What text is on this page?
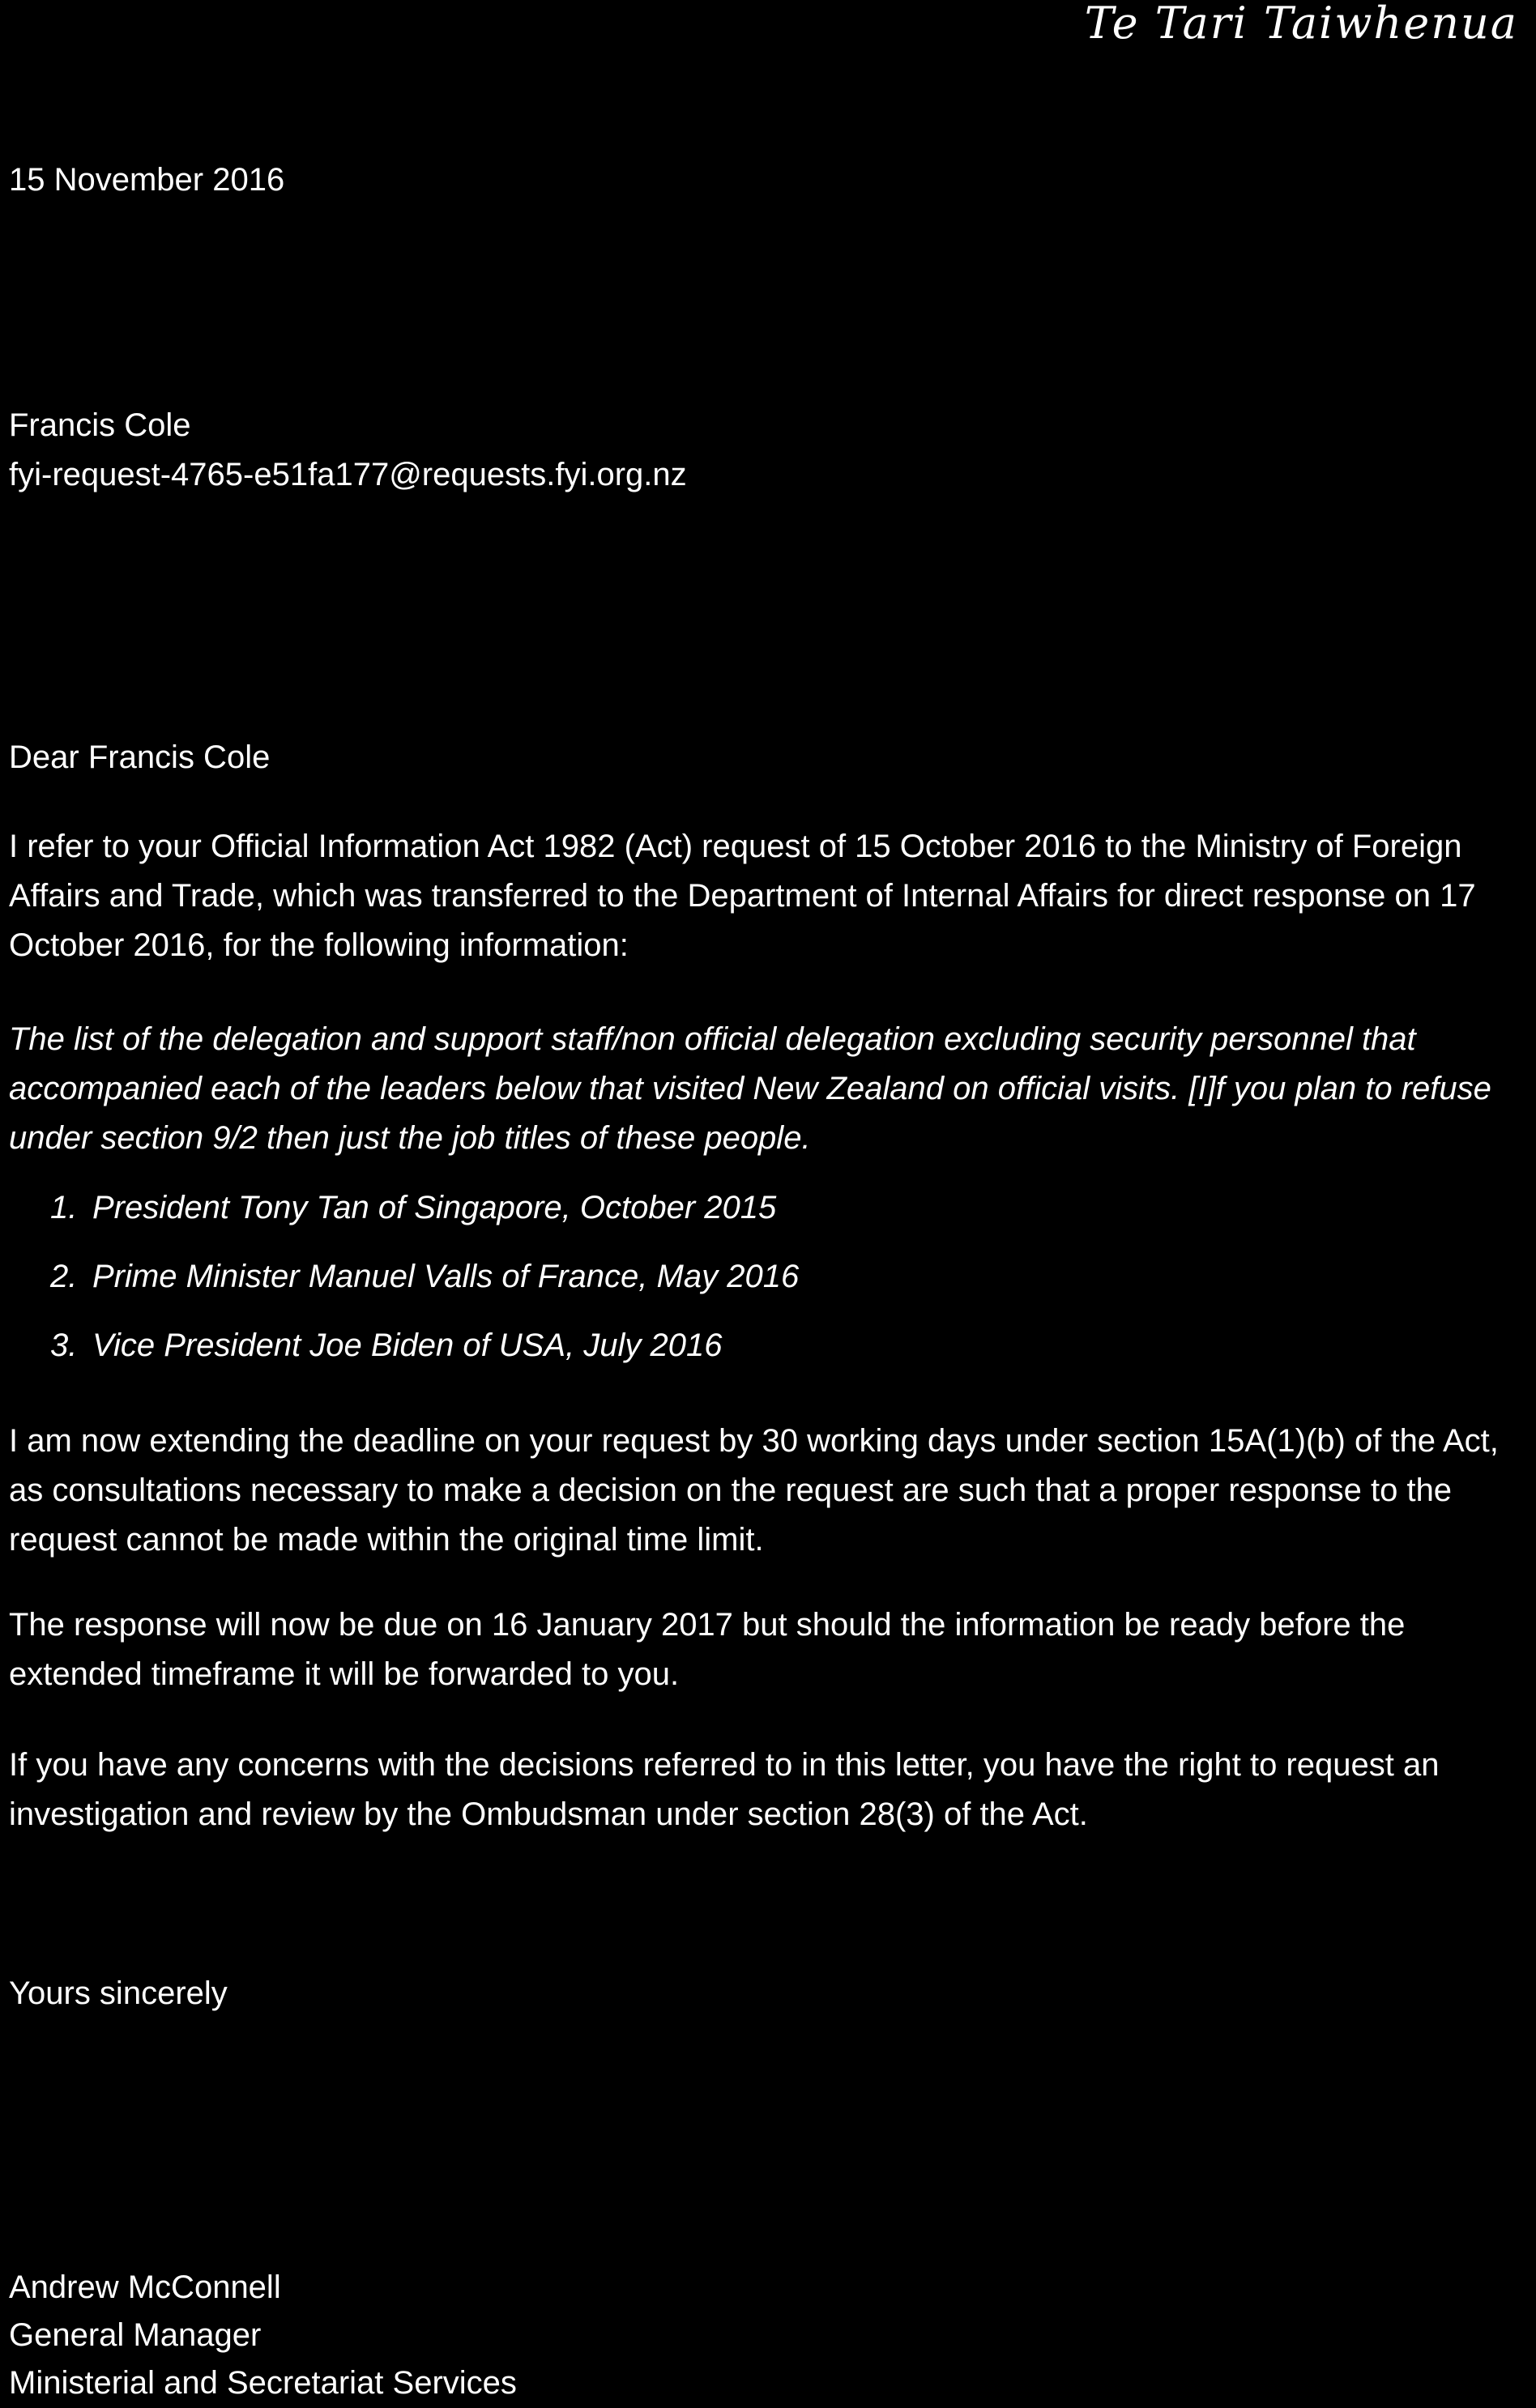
Te Tari Taiwhenua
15 November 2016
Francis Cole
fyi-request-4765-e51fa177@requests.fyi.org.nz
Dear Francis Cole
I refer to your Official Information Act 1982 (Act) request of 15 October 2016 to the Ministry of Foreign Affairs and Trade, which was transferred to the Department of Internal Affairs for direct response on 17 October 2016, for the following information:
The list of the delegation and support staff/non official delegation excluding security personnel that accompanied each of the leaders below that visited New Zealand on official visits. [I]f you plan to refuse under section 9/2 then just the job titles of these people.
1. President Tony Tan of Singapore, October 2015
2. Prime Minister Manuel Valls of France, May 2016
3. Vice President Joe Biden of USA, July 2016
I am now extending the deadline on your request by 30 working days under section 15A(1)(b) of the Act, as consultations necessary to make a decision on the request are such that a proper response to the request cannot be made within the original time limit.
The response will now be due on 16 January 2017 but should the information be ready before the extended timeframe it will be forwarded to you.
If you have any concerns with the decisions referred to in this letter, you have the right to request an investigation and review by the Ombudsman under section 28(3) of the Act.
Yours sincerely
Andrew McConnell
General Manager
Ministerial and Secretariat Services
